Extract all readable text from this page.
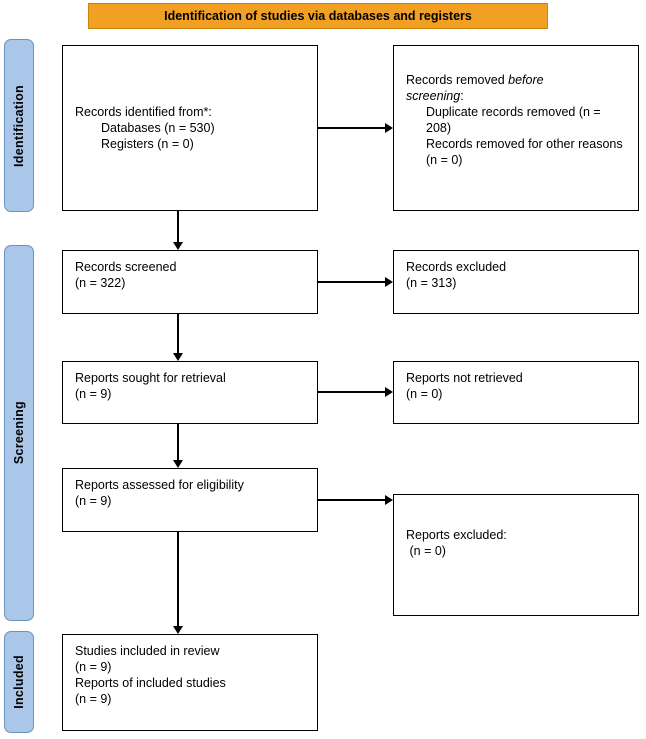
Identification of studies via databases and registers
Identification
Screening
Included
Records identified from*:
Databases (n = 530)
Registers (n = 0)
Records removed before screening:
Duplicate records removed (n = 208)
Records removed for other reasons (n = 0)
Records screened
(n = 322)
Records excluded
(n = 313)
Reports sought for retrieval
(n = 9)
Reports not retrieved
(n = 0)
Reports assessed for eligibility
(n = 9)
Reports excluded:
(n = 0)
Studies included in review
(n = 9)
Reports of included studies
(n = 9)
